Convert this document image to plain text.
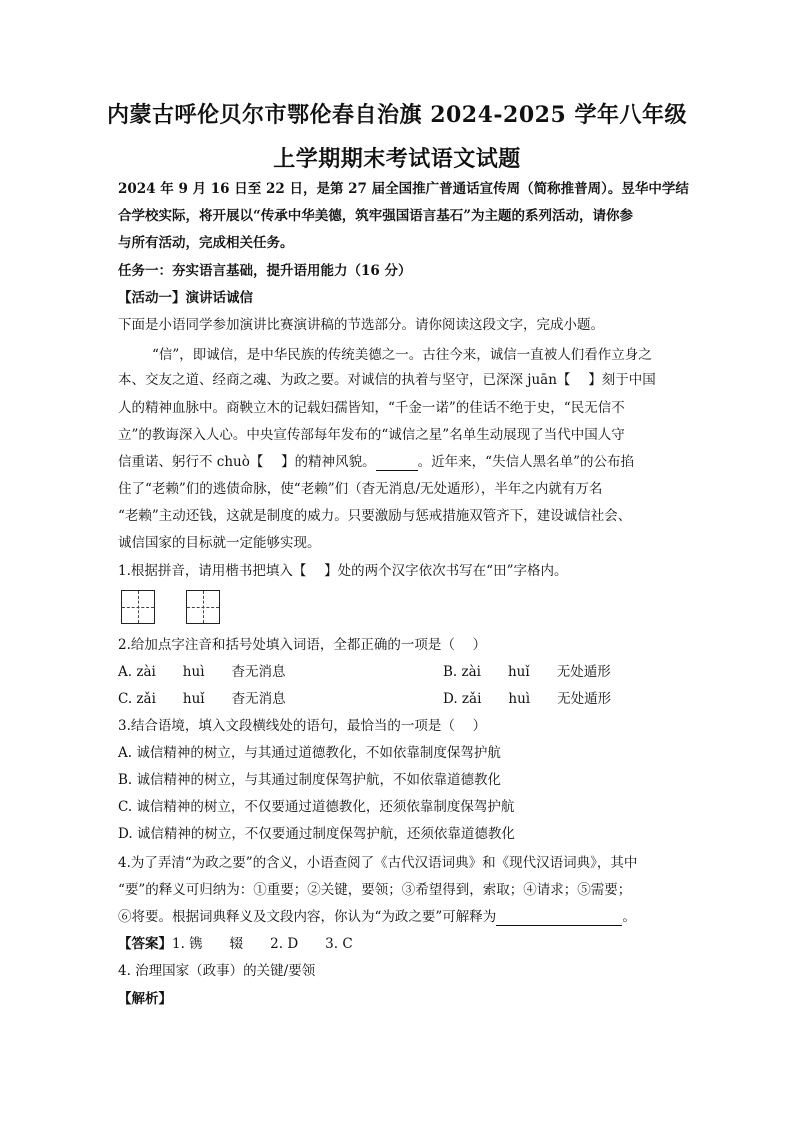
内蒙古呼伦贝尔市鄂伦春自治旗 2024-2025 学年八年级
上学期期末考试语文试题
2024 年 9 月 16 日至 22 日，是第 27 届全国推广普通话宣传周（简称推普周）。昱华中学结
合学校实际，将开展以“传承中华美德，筑牢强国语言基石”为主题的系列活动，请你参
与所有活动，完成相关任务。
任务一：夯实语言基础，提升语用能力（16 分）
【活动一】演讲话诚信
下面是小语同学参加演讲比赛演讲稿的节选部分。请你阅读这段文字，完成小题。
“信”，即诚信，是中华民族的传统美德之一。古往今来，诚信一直被人们看作立身之
本、交友之道、经商之魂、为政之要。对诚信的执着与坚守，已深深 juān【　 】刻于中国
人的精神血脉中。商鞅立木的记载妇孺皆知，“千金一诺”的佳话不绝于史，“民无信不
立”的教诲深入人心。中央宣传部每年发布的“诚信之星”名单生动展现了当代中国人守
信重诺、躬行不 chuò【　 】的精神风貌。	。近年来，“失信人黑名单”的公布掐
住了“老赖”们的逃债命脉，使“老赖”们（杳无消息/无处遁形），半年之内就有万名
“老赖”主动还钱，这就是制度的威力。只要激励与惩戒措施双管齐下，建设诚信社会、
诚信国家的目标就一定能够实现。
1.根据拼音，请用楷书把填入【　 】处的两个汉字依次书写在“田”字格内。
2.给加点字注音和括号处填入词语，全都正确的一项是（　 ）
A. zài　　huì　　杳无消息	B. zài　　huǐ　　无处遁形
C. zǎi　　huǐ　　杳无消息	D. zǎi　　huì　　无处遁形
3.结合语境，填入文段横线处的语句，最恰当的一项是（　 ）
A. 诚信精神的树立，与其通过道德教化，不如依靠制度保驾护航
B. 诚信精神的树立，与其通过制度保驾护航，不如依靠道德教化
C. 诚信精神的树立，不仅要通过道德教化，还须依靠制度保驾护航
D. 诚信精神的树立，不仅要通过制度保驾护航，还须依靠道德教化
4.为了弄清“为政之要”的含义，小语查阅了《古代汉语词典》和《现代汉语词典》，其中
“要”的释义可归纳为：①重要；②关键，要领；③希望得到，索取；④请求；⑤需要；
⑥将要。根据词典释义及文段内容，你认为“为政之要”可解释为	。
【答案】1. 镌　　辍　　2. D　　3. C
4. 治理国家（政事）的关键/要领
【解析】
